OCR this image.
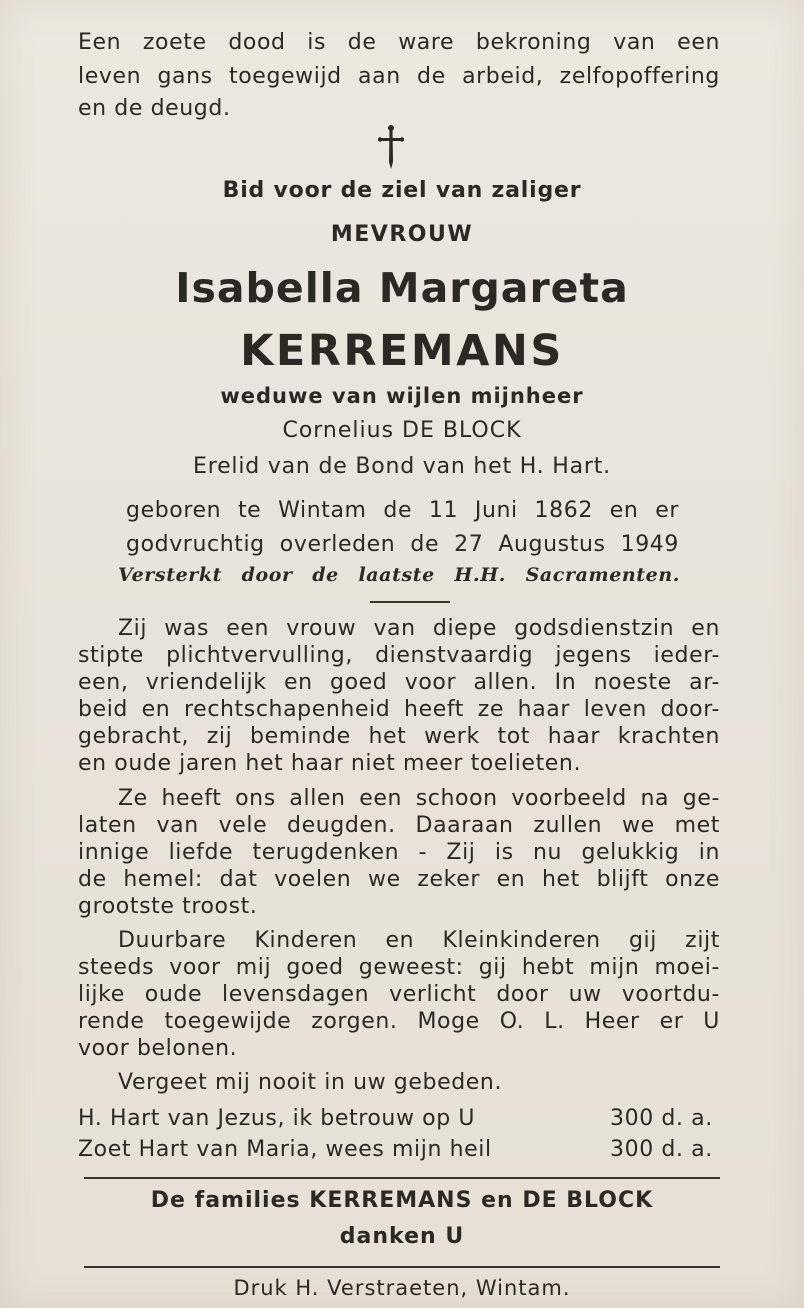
Een zoete dood is de ware bekroning van een
leven gans toegewijd aan de arbeid, zelfopoffering
en de deugd.
Bid voor de ziel van zaliger
MEVROUW
Isabella Margareta
KERREMANS
weduwe van wijlen mijnheer
Cornelius DE BLOCK
Erelid van de Bond van het H. Hart.
geboren te Wintam de 11 Juni 1862 en er
godvruchtig overleden de 27 Augustus 1949
Versterkt door de laatste H.H. Sacramenten.
Zij was een vrouw van diepe godsdienstzin en
stipte plichtvervulling, dienstvaardig jegens ieder-
een, vriendelijk en goed voor allen. In noeste ar-
beid en rechtschapenheid heeft ze haar leven door-
gebracht, zij beminde het werk tot haar krachten
en oude jaren het haar niet meer toelieten.
Ze heeft ons allen een schoon voorbeeld na ge-
laten van vele deugden. Daaraan zullen we met
innige liefde terugdenken - Zij is nu gelukkig in
de hemel: dat voelen we zeker en het blijft onze
grootste troost.
Duurbare Kinderen en Kleinkinderen gij zijt
steeds voor mij goed geweest: gij hebt mijn moei-
lijke oude levensdagen verlicht door uw voortdu-
rende toegewijde zorgen. Moge O. L. Heer er U
voor belonen.
Vergeet mij nooit in uw gebeden.
H. Hart van Jezus, ik betrouw op U	300 d. a.
Zoet Hart van Maria, wees mijn heil	300 d. a.
De families KERREMANS en DE BLOCK
danken U
Druk H. Verstraeten, Wintam.
